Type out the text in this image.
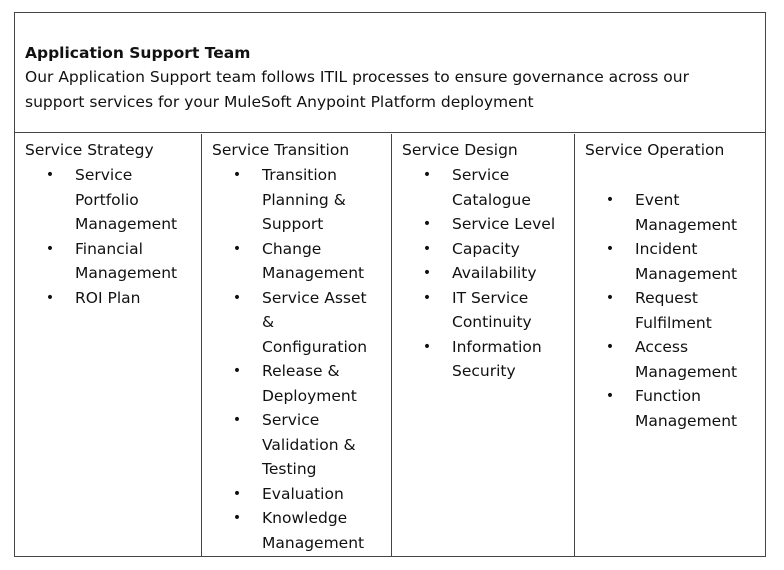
Application Support Team
Our Application Support team follows ITIL processes to ensure governance across our support services for your MuleSoft Anypoint Platform deployment
Service Strategy
• Service Portfolio Management
• Financial Management
• ROI Plan
Service Transition
• Transition Planning & Support
• Change Management
• Service Asset & Configuration
• Release & Deployment
• Service Validation & Testing
• Evaluation
• Knowledge Management
Service Design
• Service Catalogue
• Service Level
• Capacity
• Availability
• IT Service Continuity
• Information Security
Service Operation
• Event Management
• Incident Management
• Request Fulfilment
• Access Management
• Function Management
